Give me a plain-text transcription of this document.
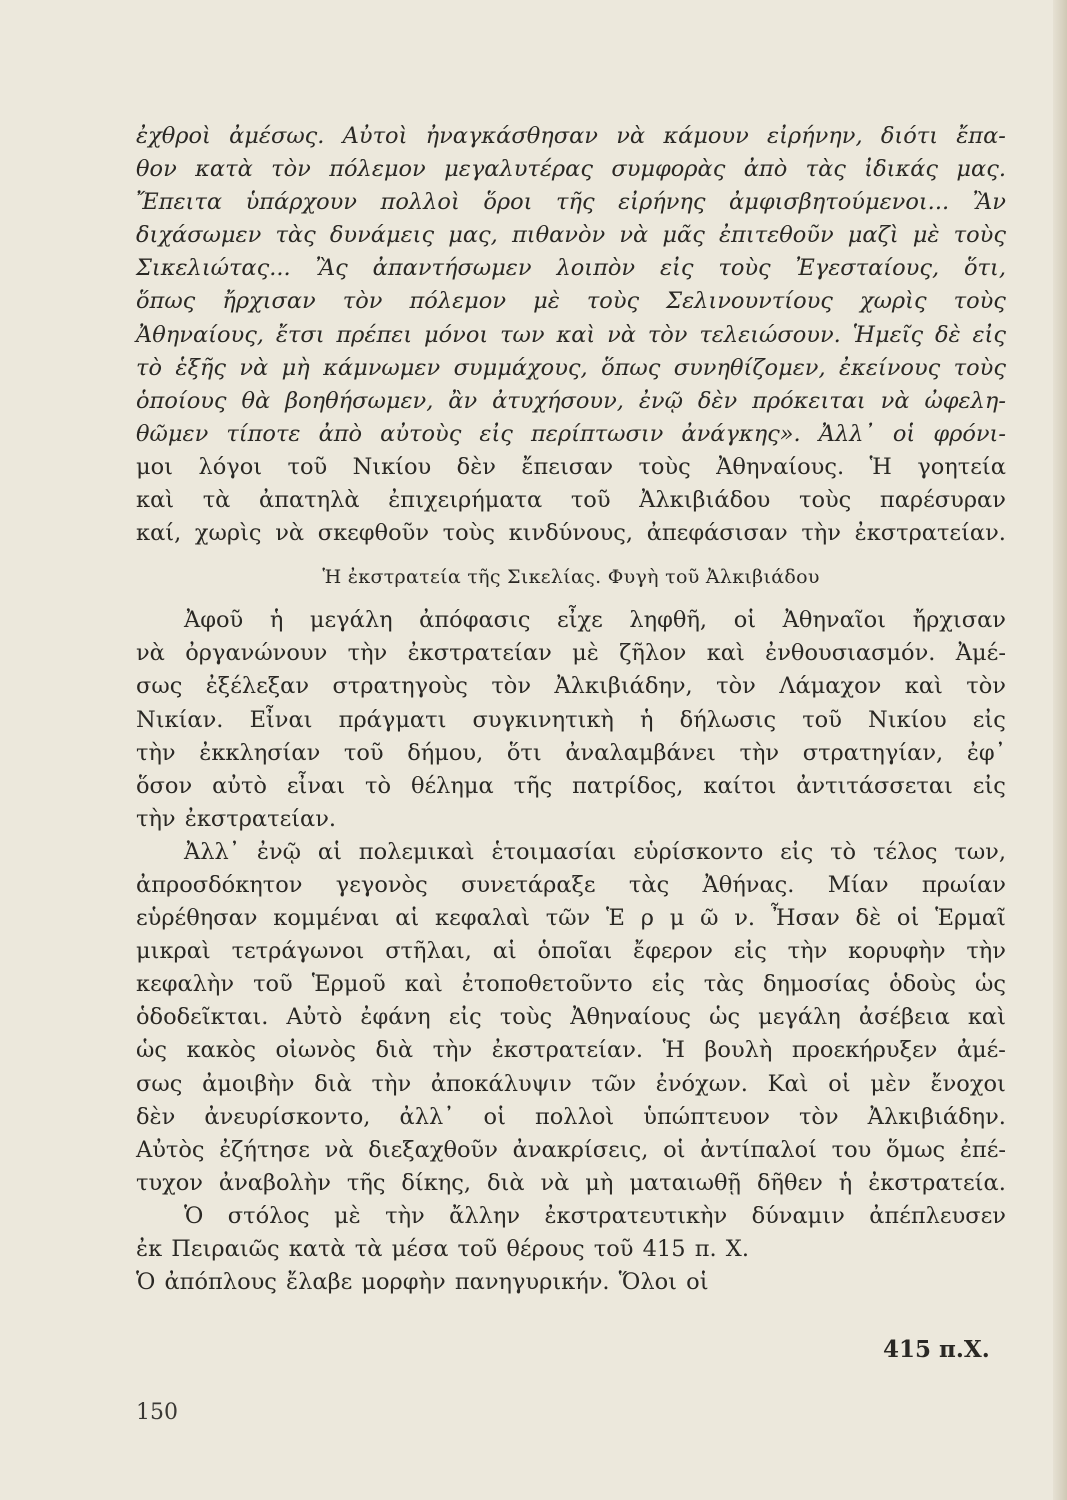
ἐχθροὶ ἀμέσως. Αὐτοὶ ἠναγκάσθησαν νὰ κάμουν εἰρήνην, διότι ἔπα-
θον κατὰ τὸν πόλεμον μεγαλυτέρας συμφορὰς ἀπὸ τὰς ἰδικάς μας.
Ἔπειτα ὑπάρχουν πολλοὶ ὅροι τῆς εἰρήνης ἀμφισβητούμενοι... Ἂν
διχάσωμεν τὰς δυνάμεις μας, πιθανὸν νὰ μᾶς ἐπιτεθοῦν μαζὶ μὲ τοὺς
Σικελιώτας... Ἂς ἀπαντήσωμεν λοιπὸν εἰς τοὺς Ἐγεσταίους, ὅτι,
ὅπως ἤρχισαν τὸν πόλεμον μὲ τοὺς Σελινουντίους χωρὶς τοὺς
Ἀθηναίους, ἔτσι πρέπει μόνοι των καὶ νὰ τὸν τελειώσουν. Ἡμεῖς δὲ εἰς
τὸ ἑξῆς νὰ μὴ κάμνωμεν συμμάχους, ὅπως συνηθίζομεν, ἐκείνους τοὺς
ὁποίους θὰ βοηθήσωμεν, ἂν ἀτυχήσουν, ἐνῷ δὲν πρόκειται νὰ ὠφελη-
θῶμεν τίποτε ἀπὸ αὐτοὺς εἰς περίπτωσιν ἀνάγκης». Ἀλλ᾿ οἱ φρόνι-
μοι λόγοι τοῦ Νικίου δὲν ἔπεισαν τοὺς Ἀθηναίους. Ἡ γοητεία
καὶ τὰ ἀπατηλὰ ἐπιχειρήματα τοῦ Ἀλκιβιάδου τοὺς παρέσυραν
καί, χωρὶς νὰ σκεφθοῦν τοὺς κινδύνους, ἀπεφάσισαν τὴν ἐκστρατείαν.
Ἡ ἐκστρατεία τῆς Σικελίας. Φυγὴ τοῦ Ἀλκιβιάδου
Ἀφοῦ ἡ μεγάλη ἀπόφασις εἶχε ληφθῆ, οἱ Ἀθηναῖοι ἤρχισαν
νὰ ὀργανώνουν τὴν ἐκστρατείαν μὲ ζῆλον καὶ ἐνθουσιασμόν. Ἀμέ-
σως ἐξέλεξαν στρατηγοὺς τὸν Ἀλκιβιάδην, τὸν Λάμαχον καὶ τὸν
Νικίαν. Εἶναι πράγματι συγκινητικὴ ἡ δήλωσις τοῦ Νικίου εἰς
τὴν ἐκκλησίαν τοῦ δήμου, ὅτι ἀναλαμβάνει τὴν στρατηγίαν, ἐφ᾿
ὅσον αὐτὸ εἶναι τὸ θέλημα τῆς πατρίδος, καίτοι ἀντιτάσσεται εἰς
τὴν ἐκστρατείαν.
Ἀλλ᾿ ἐνῷ αἱ πολεμικαὶ ἑτοιμασίαι εὑρίσκοντο εἰς τὸ τέλος των,
ἀπροσδόκητον γεγονὸς συνετάραξε τὰς Ἀθήνας. Μίαν πρωίαν
εὑρέθησαν κομμέναι αἱ κεφαλαὶ τῶν Ἑ ρ μ ῶ ν. Ἦσαν δὲ οἱ Ἑρμαῖ
μικραὶ τετράγωνοι στῆλαι, αἱ ὁποῖαι ἔφερον εἰς τὴν κορυφὴν τὴν
κεφαλὴν τοῦ Ἑρμοῦ καὶ ἐτοποθετοῦντο εἰς τὰς δημοσίας ὁδοὺς ὡς
ὁδοδεῖκται. Αὐτὸ ἐφάνη εἰς τοὺς Ἀθηναίους ὡς μεγάλη ἀσέβεια καὶ
ὡς κακὸς οἰωνὸς διὰ τὴν ἐκστρατείαν. Ἡ βουλὴ προεκήρυξεν ἀμέ-
σως ἀμοιβὴν διὰ τὴν ἀποκάλυψιν τῶν ἐνόχων. Καὶ οἱ μὲν ἔνοχοι
δὲν ἀνευρίσκοντο, ἀλλ᾿ οἱ πολλοὶ ὑπώπτευον τὸν Ἀλκιβιάδην.
Αὐτὸς ἐζήτησε νὰ διεξαχθοῦν ἀνακρίσεις, οἱ ἀντίπαλοί του ὅμως ἐπέ-
τυχον ἀναβολὴν τῆς δίκης, διὰ νὰ μὴ ματαιωθῇ δῆθεν ἡ ἐκστρατεία.
Ὁ στόλος μὲ τὴν ἄλλην ἐκστρατευτικὴν δύναμιν ἀπέπλευσεν
ἐκ Πειραιῶς κατὰ τὰ μέσα τοῦ θέρους τοῦ 415 π. Χ.
Ὁ ἀπόπλους ἔλαβε μορφὴν πανηγυρικήν. Ὅλοι οἱ
415 π.Χ.
150
